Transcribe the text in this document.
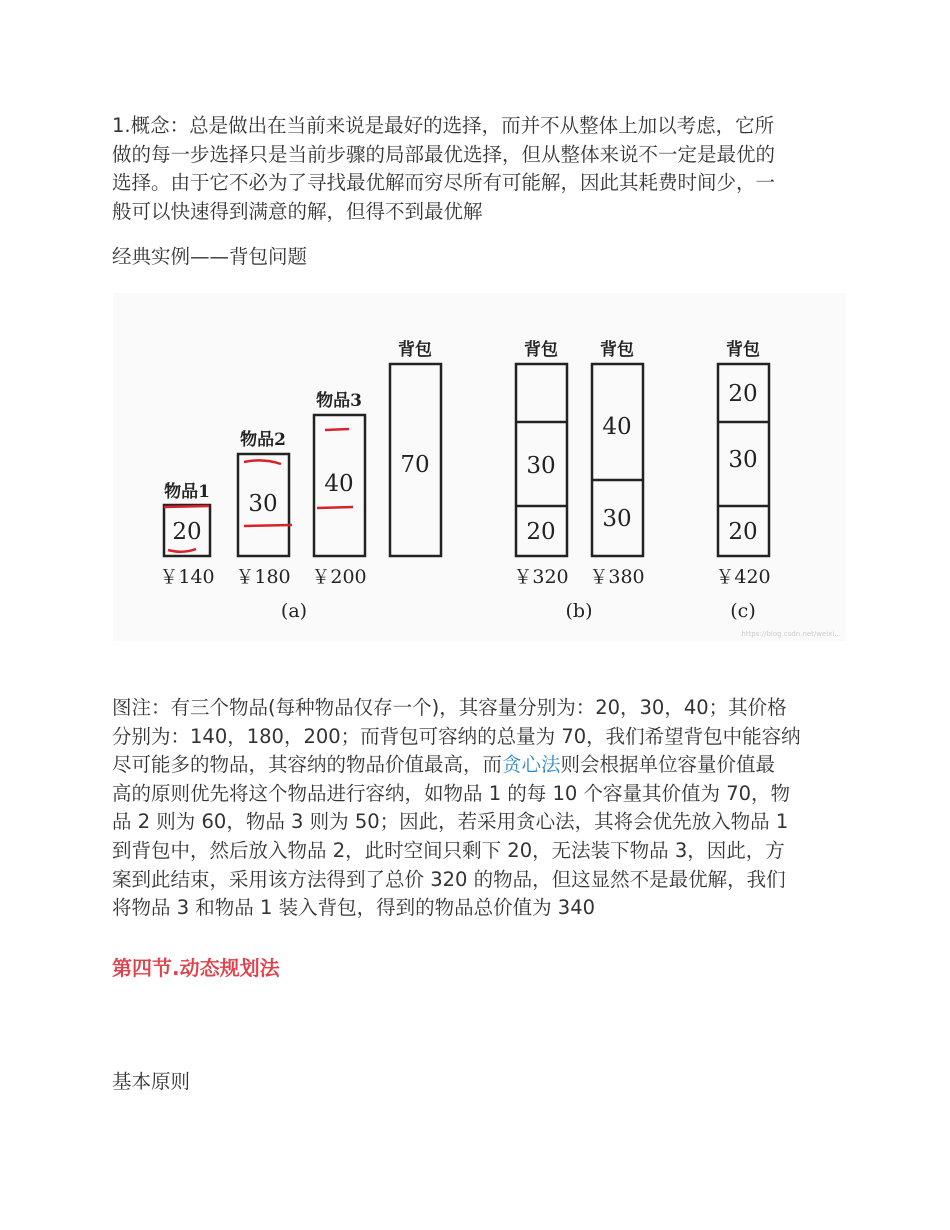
1.概念：总是做出在当前来说是最好的选择，而并不从整体上加以考虑，它所
做的每一步选择只是当前步骤的局部最优选择，但从整体来说不一定是最优的
选择。由于它不必为了寻找最优解而穷尽所有可能解，因此其耗费时间少，一
般可以快速得到满意的解，但得不到最优解

经典实例——背包问题

物品1
20
￥140
物品2
30
￥180
物品3
40
￥200
背包
70
(a)
背包
30
20
￥320
背包
40
30
￥380
(b)
背包
20
30
20
￥420
(c)
https://blog.csdn.net/weixi...

图注：有三个物品(每种物品仅存一个)，其容量分别为：20，30，40；其价格
分别为：140，180，200；而背包可容纳的总量为 70，我们希望背包中能容纳
尽可能多的物品，其容纳的物品价值最高，而贪心法则会根据单位容量价值最
高的原则优先将这个物品进行容纳，如物品 1 的每 10 个容量其价值为 70，物
品 2 则为 60，物品 3 则为 50；因此，若采用贪心法，其将会优先放入物品 1
到背包中，然后放入物品 2，此时空间只剩下 20，无法装下物品 3，因此，方
案到此结束，采用该方法得到了总价 320 的物品，但这显然不是最优解，我们
将物品 3 和物品 1 装入背包，得到的物品总价值为 340

第四节.动态规划法

基本原则
